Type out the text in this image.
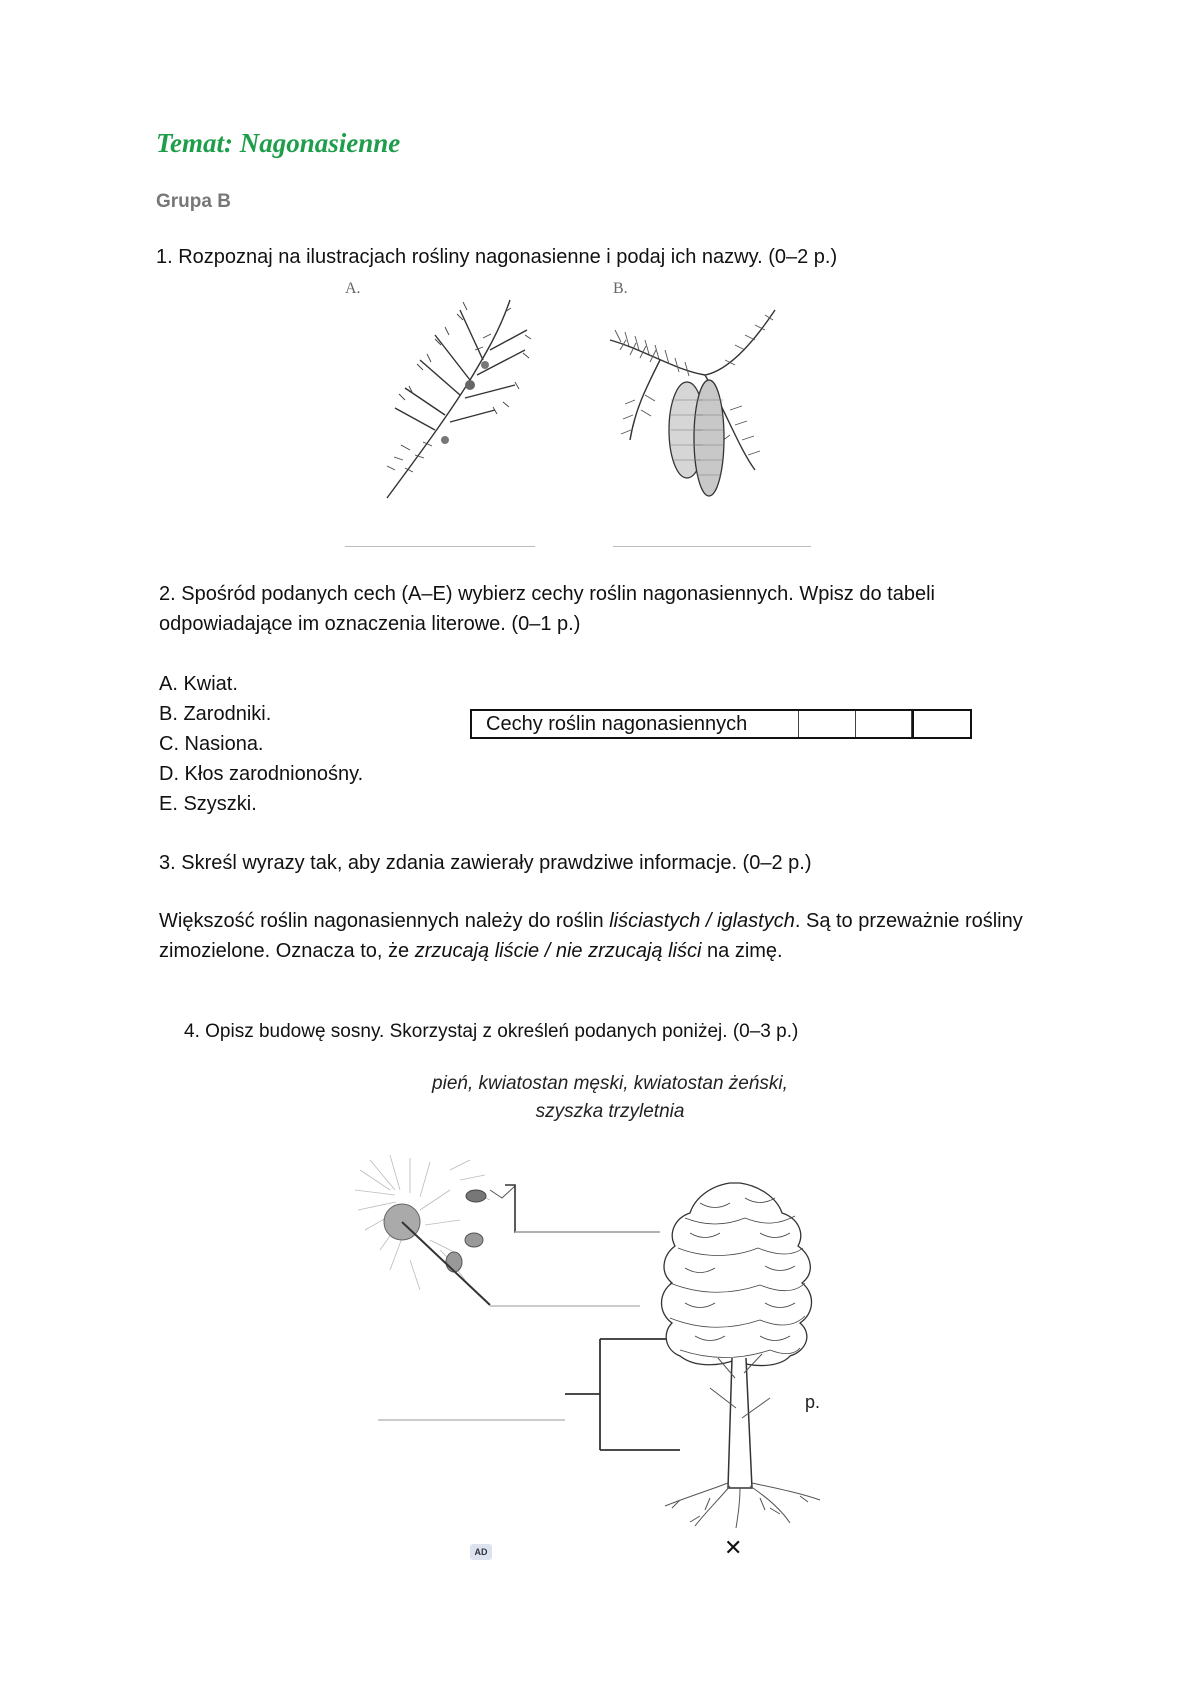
Temat: Nagonasienne
Grupa B
1. Rozpoznaj na ilustracjach rośliny nagonasienne i podaj ich nazwy. (0–2 p.)
A.	B.
2. Spośród podanych cech (A–E) wybierz cechy roślin nagonasiennych. Wpisz do tabeli odpowiadające im oznaczenia literowe. (0–1 p.)
A. Kwiat.
B. Zarodniki.
C. Nasiona.
D. Kłos zarodnionośny.
E. Szyszki.
Cechy roślin nagonasiennych
3. Skreśl wyrazy tak, aby zdania zawierały prawdziwe informacje. (0–2 p.)
Większość roślin nagonasiennych należy do roślin liściastych / iglastych. Są to przeważnie rośliny zimozielone. Oznacza to, że zrzucają liście / nie zrzucają liści na zimę.
4. Opisz budowę sosny. Skorzystaj z określeń podanych poniżej. (0–3 p.)
pień, kwiatostan męski, kwiatostan żeński,
szyszka trzyletnia
p.
AD	✕
